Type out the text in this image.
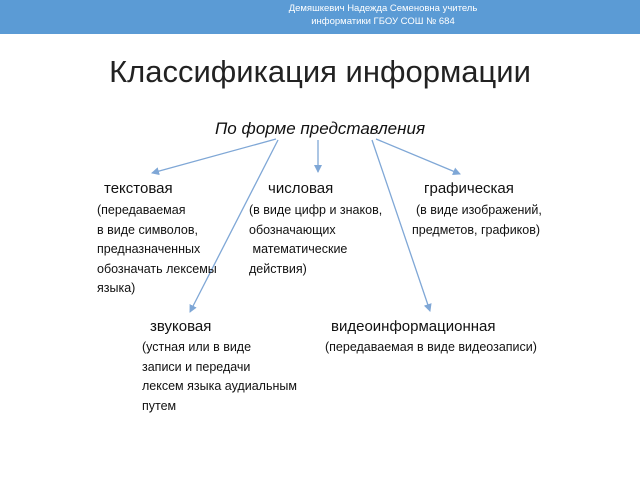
Демяшкевич Надежда Семеновна учитель
информатики ГБОУ СОШ № 684
Классификация информации
По форме представления
текстовая
(передаваемая
в виде символов,
предназначенных
обозначать лексемы
языка)
числовая
(в виде цифр и знаков,
обозначающих
математические
действия)
графическая
(в виде изображений,
предметов, графиков)
звуковая
(устная или в виде
записи и передачи
лексем языка аудиальным
путем
видеоинформационная
(передаваемая в виде видеозаписи)
